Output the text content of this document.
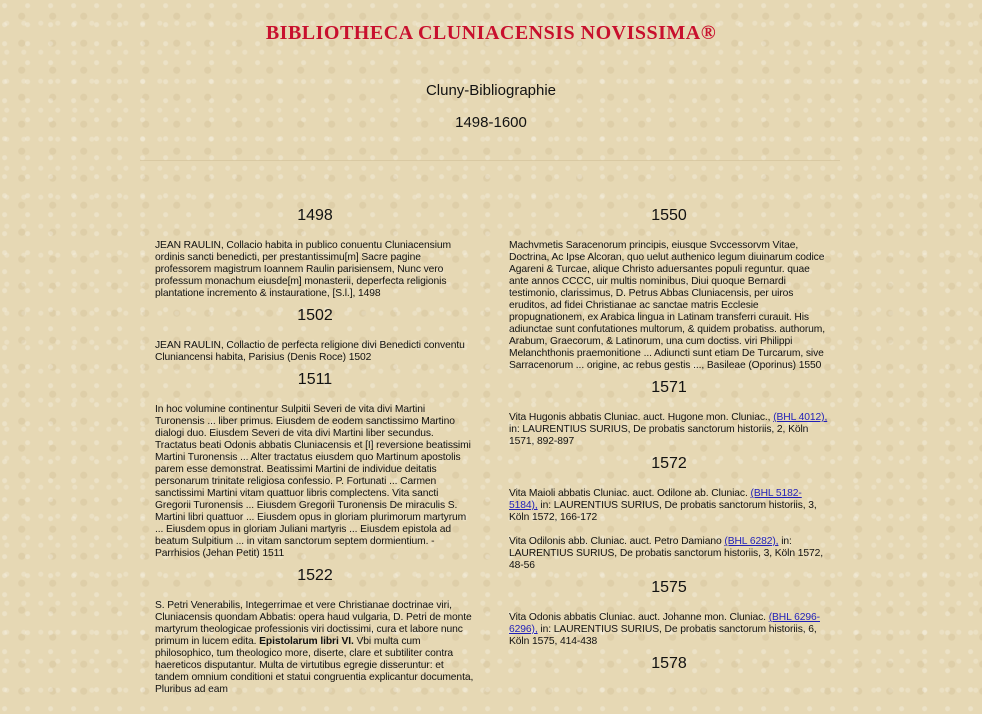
BIBLIOTHECA CLUNIACENSIS NOVISSIMA®
Cluny-Bibliographie
1498-1600
1498
JEAN RAULIN, Collacio habita in publico conuentu Cluniacensium ordinis sancti benedicti, per prestantissimu[m] Sacre pagine professorem magistrum Ioannem Raulin parisiensem, Nunc vero professum monachum eiusde[m] monasterii, deperfecta religionis plantatione incremento & instauratione, [S.l.], 1498
1502
JEAN RAULIN, Collactio de perfecta religione divi Benedicti conventu Cluniancensi habita, Parisius (Denis Roce) 1502
1511
In hoc volumine continentur Sulpitii Severi de vita divi Martini Turonensis ... liber primus. Eiusdem de eodem sanctissimo Martino dialogi duo. Eiusdem Severi de vita divi Martini liber secundus. Tractatus beati Odonis abbatis Cluniacensis et [I] reversione beatissimi Martini Turonensis ... Alter tractatus eiusdem quo Martinum apostolis parem esse demonstrat. Beatissimi Martini de individue deitatis personarum trinitate religiosa confessio. P. Fortunati ... Carmen sanctissimi Martini vitam quattuor libris complectens. Vita sancti Gregorii Turonensis ... Eiusdem Gregorii Turonensis De miraculis S. Martini libri quattuor ... Eiusdem opus in gloriam plurimorum martyrum ... Eiusdem opus in gloriam Juliani martyris ... Eiusdem epistola ad beatum Sulpitium ... in vitam sanctorum septem dormientium. - Parrhisios (Jehan Petit) 1511
1522
S. Petri Venerabilis, Integerrimae et vere Christianae doctrinae viri, Cluniacensis quondam Abbatis: opera haud vulgaria, D. Petri de monte martyrum theologicae professionis viri doctissimi, cura et labore nunc primum in lucem edita. Epistolarum libri VI. Vbi multa cum philosophico, tum theologico more, diserte, clare et subtiliter contra haereticos disputantur. Multa de virtutibus egregie disseruntur: et tandem omnium conditioni et statui congruentia explicantur documenta, Pluribus ad eam
1550
Machvmetis Saracenorum principis, eiusque Svccessorvm Vitae, Doctrina, Ac Ipse Alcoran, quo uelut authenico legum diuinarum codice Agareni & Turcae, alique Christo aduersantes populi reguntur. quae ante annos CCCC, uir multis nominibus, Diui quoque Bernardi testimonio, clarissimus, D. Petrus Abbas Cluniacensis, per uiros eruditos, ad fidei Christianae ac sanctae matris Ecclesie propugnationem, ex Arabica lingua in Latinam transferri curauit. His adiunctae sunt confutationes multorum, & quidem probatiss. authorum, Arabum, Graecorum, & Latinorum, una cum doctiss. viri Philippi Melanchthonis praemonitione ... Adiuncti sunt etiam De Turcarum, sive Sarracenorum ... origine, ac rebus gestis ..., Basileae (Oporinus) 1550
1571
Vita Hugonis abbatis Cluniac. auct. Hugone mon. Cluniac., (BHL 4012), in: LAURENTIUS SURIUS, De probatis sanctorum historiis, 2, Köln 1571, 892-897
1572
Vita Maioli abbatis Cluniac. auct. Odilone ab. Cluniac. (BHL 5182-5184), in: LAURENTIUS SURIUS, De probatis sanctorum historiis, 3, Köln 1572, 166-172
Vita Odilonis abb. Cluniac. auct. Petro Damiano (BHL 6282), in: LAURENTIUS SURIUS, De probatis sanctorum historiis, 3, Köln 1572, 48-56
1575
Vita Odonis abbatis Cluniac. auct. Johanne mon. Cluniac. (BHL 6296-6296), in: LAURENTIUS SURIUS, De probatis sanctorum historiis, 6, Köln 1575, 414-438
1578
